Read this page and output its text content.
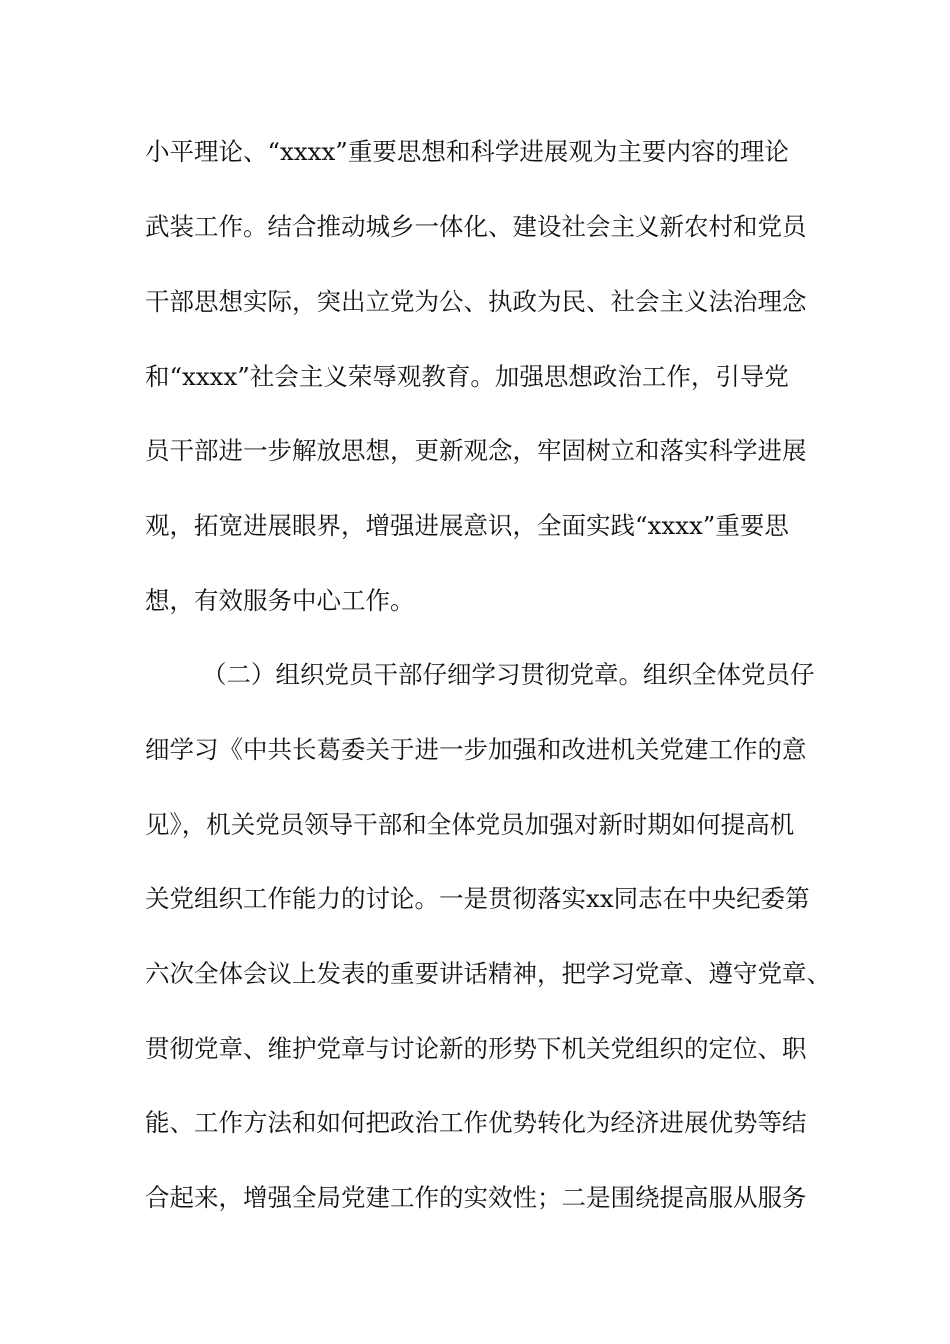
小平理论、“xxxx”重要思想和科学进展观为主要内容的理论
武装工作。结合推动城乡一体化、建设社会主义新农村和党员
干部思想实际，突出立党为公、执政为民、社会主义法治理念
和“xxxx”社会主义荣辱观教育。加强思想政治工作，引导党
员干部进一步解放思想，更新观念，牢固树立和落实科学进展
观，拓宽进展眼界，增强进展意识，全面实践“xxxx”重要思
想，有效服务中心工作。
（二）组织党员干部仔细学习贯彻党章。组织全体党员仔
细学习《中共长葛委关于进一步加强和改进机关党建工作的意
见》，机关党员领导干部和全体党员加强对新时期如何提高机
关党组织工作能力的讨论。一是贯彻落实xx同志在中央纪委第
六次全体会议上发表的重要讲话精神，把学习党章、遵守党章、
贯彻党章、维护党章与讨论新的形势下机关党组织的定位、职
能、工作方法和如何把政治工作优势转化为经济进展优势等结
合起来，增强全局党建工作的实效性；二是围绕提高服从服务
